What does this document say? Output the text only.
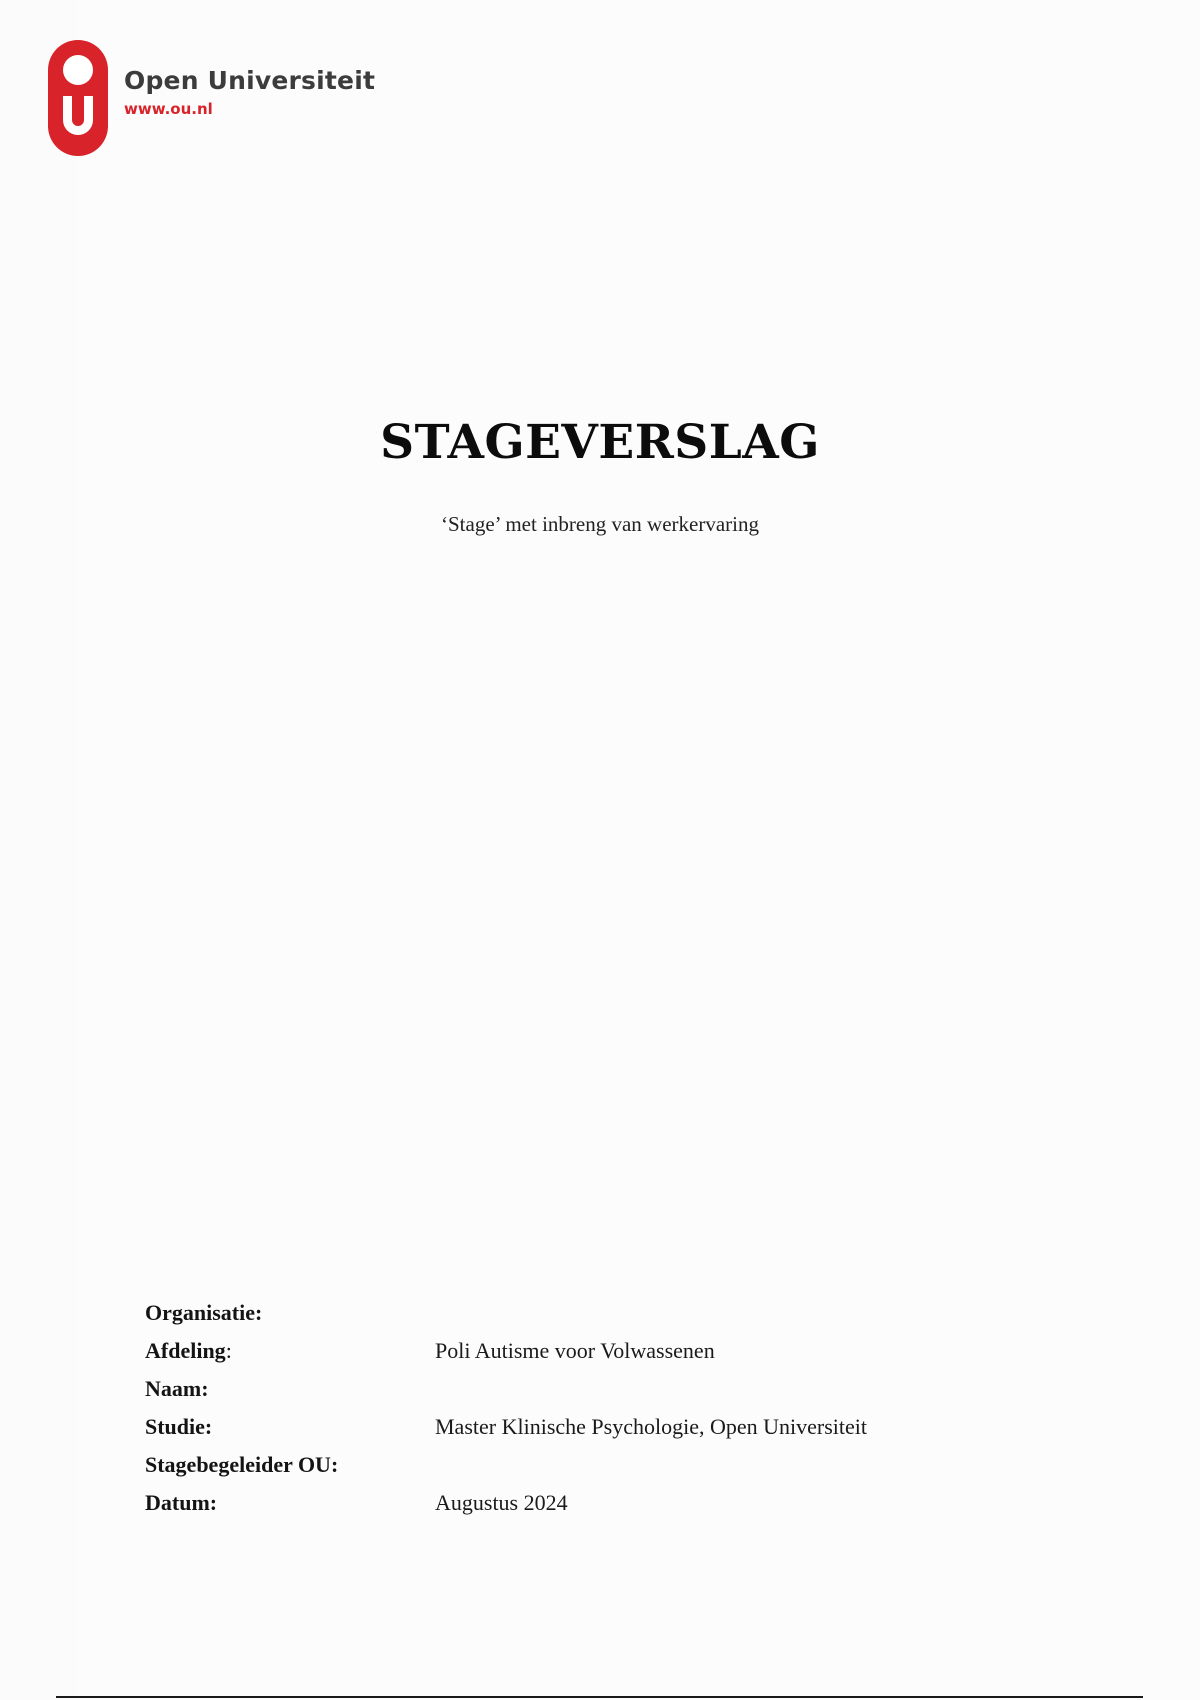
Open Universiteit
www.ou.nl
STAGEVERSLAG
‘Stage’ met inbreng van werkervaring
Organisatie:
Afdeling:	Poli Autisme voor Volwassenen
Naam:
Studie:	Master Klinische Psychologie, Open Universiteit
Stagebegeleider OU:
Datum:	Augustus 2024
